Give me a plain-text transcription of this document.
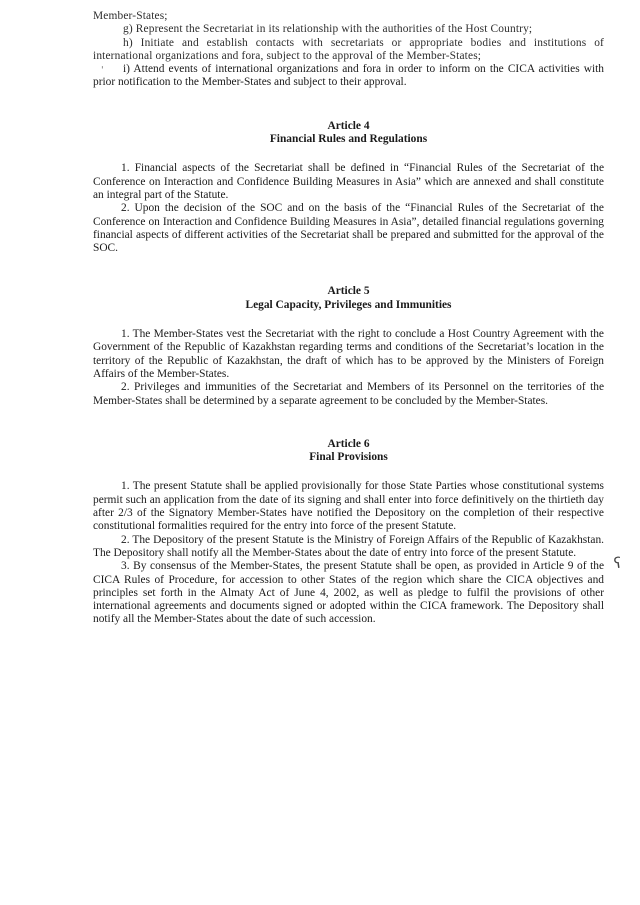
ˌ
ʕ

Member-States;

g) Represent the Secretariat in its relationship with the authorities of the Host Country;

h) Initiate and establish contacts with secretariats or appropriate bodies and institutions of international organizations and fora, subject to the approval of the Member-States;

i) Attend events of international organizations and fora in order to inform on the CICA activities with prior notification to the Member-States and subject to their approval.

Article 4

Financial Rules and Regulations

1. Financial aspects of the Secretariat shall be defined in “Financial Rules of the Secretariat of the Conference on Interaction and Confidence Building Measures in Asia” which are annexed and shall constitute an integral part of the Statute.

2. Upon the decision of the SOC and on the basis of the “Financial Rules of the Secretariat of the Conference on Interaction and Confidence Building Measures in Asia”, detailed financial regulations governing financial aspects of different activities of the Secretariat shall be prepared and submitted for the approval of the SOC.

Article 5

Legal Capacity, Privileges and Immunities

1. The Member-States vest the Secretariat with the right to conclude a Host Country Agreement with the Government of the Republic of Kazakhstan regarding terms and conditions of the Secretariat’s location in the territory of the Republic of Kazakhstan, the draft of which has to be approved by the Ministers of Foreign Affairs of the Member-States.

2. Privileges and immunities of the Secretariat and Members of its Personnel on the territories of the Member-States shall be determined by a separate agreement to be concluded by the Member-States.

Article 6

Final Provisions

1. The present Statute shall be applied provisionally for those State Parties whose constitutional systems permit such an application from the date of its signing and shall enter into force definitively on the thirtieth day after 2/3 of the Signatory Member-States have notified the Depository on the completion of their respective constitutional formalities required for the entry into force of the present Statute.

2. The Depository of the present Statute is the Ministry of Foreign Affairs of the Republic of Kazakhstan. The Depository shall notify all the Member-States about the date of entry into force of the present Statute.

3. By consensus of the Member-States, the present Statute shall be open, as provided in Article 9 of the CICA Rules of Procedure, for accession to other States of the region which share the CICA objectives and principles set forth in the Almaty Act of June 4, 2002, as well as pledge to fulfil the provisions of other international agreements and documents signed or adopted within the CICA framework. The Depository shall notify all the Member-States about the date of such accession.
